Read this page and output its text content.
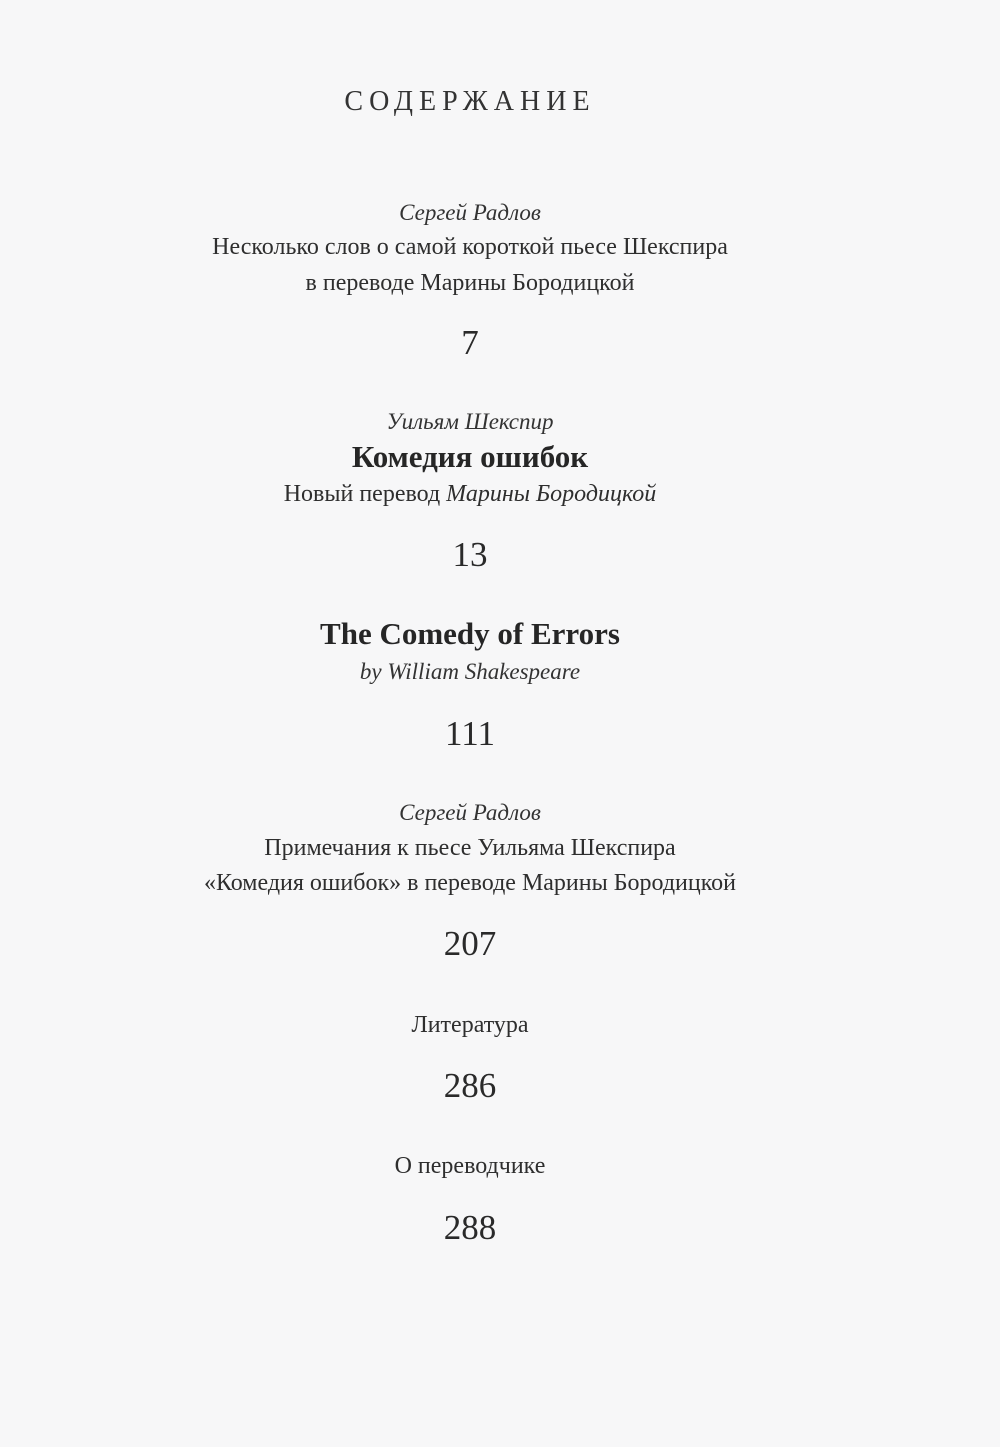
СОДЕРЖАНИЕ
Сергей Радлов
Несколько слов о самой короткой пьесе Шекспира
в переводе Марины Бородицкой
7
Уильям Шекспир
Комедия ошибок
Новый перевод Марины Бородицкой
13
The Comedy of Errors
by William Shakespeare
111
Сергей Радлов
Примечания к пьесе Уильяма Шекспира
«Комедия ошибок» в переводе Марины Бородицкой
207
Литература
286
О переводчике
288
